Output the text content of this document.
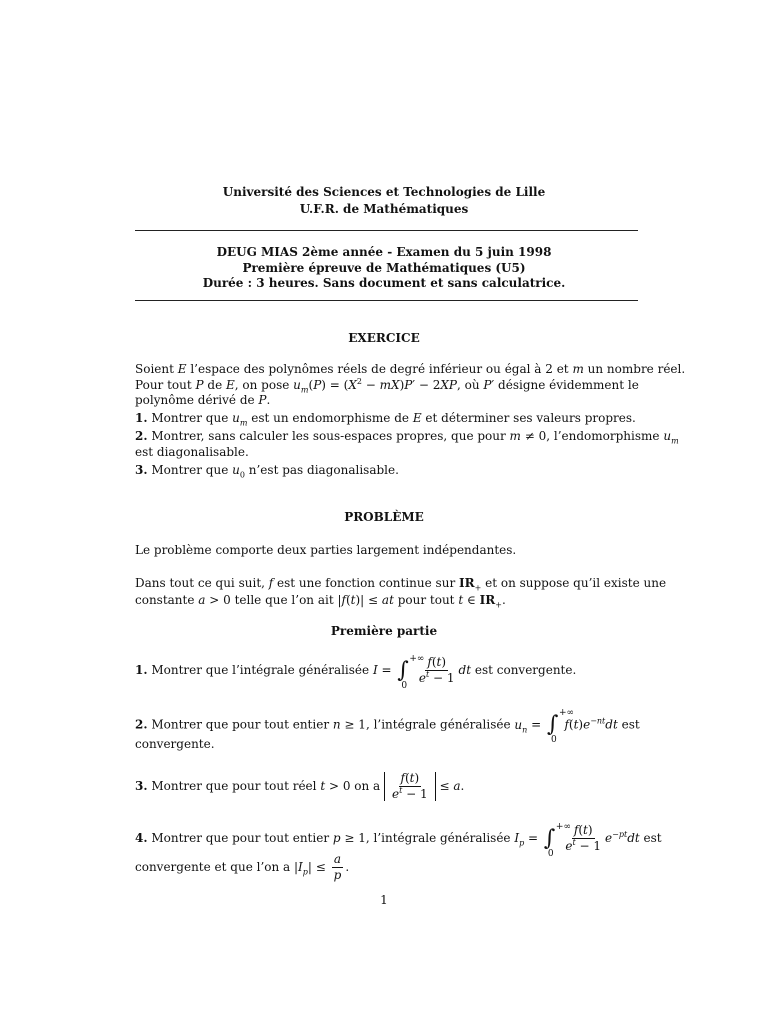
Université des Sciences et Technologies de Lille
U.F.R. de Mathématiques
DEUG MIAS 2ème année - Examen du 5 juin 1998
Première épreuve de Mathématiques (U5)
Durée : 3 heures. Sans document et sans calculatrice.
EXERCICE
Soient E l’espace des polynômes réels de degré inférieur ou égal à 2 et m un nombre réel.
Pour tout P de E, on pose $u_m(P) = (X^2 - mX)P' - 2XP$, où P′ désigne évidemment le
polynôme dérivé de P.
1. Montrer que $u_m$ est un endomorphisme de E et déterminer ses valeurs propres.
2. Montrer, sans calculer les sous-espaces propres, que pour m ≠ 0, l’endomorphisme $u_m$
est diagonalisable.
3. Montrer que $u_0$ n’est pas diagonalisable.
PROBLÈME
Le problème comporte deux parties largement indépendantes.
Dans tout ce qui suit, f est une fonction continue sur $IR_+$ et on suppose qu’il existe une
constante a > 0 telle que l’on ait |f(t)| ≤ at pour tout t ∈ $IR_+$.
Première partie
1. Montrer que l’intégrale généralisée I = ∫ +∞
0
$\frac{f(t)}{e^t - 1}$ dt est convergente.
2. Montrer que pour tout entier n ≥ 1, l’intégrale généralisée $u_n$ = ∫ +∞
0
$f(t)e^{-nt}dt$ est
convergente.
3. Montrer que pour tout réel t > 0 on a $\frac{f(t)}{e^t - 1} \le a$.
4. Montrer que pour tout entier p ≥ 1, l’intégrale généralisée $I_p$ = ∫ +∞
0
$\frac{f(t)}{e^t - 1} e^{-pt}dt$ est
convergente et que l’on a $|I_p| \le \frac{a}{p}$ .
1
